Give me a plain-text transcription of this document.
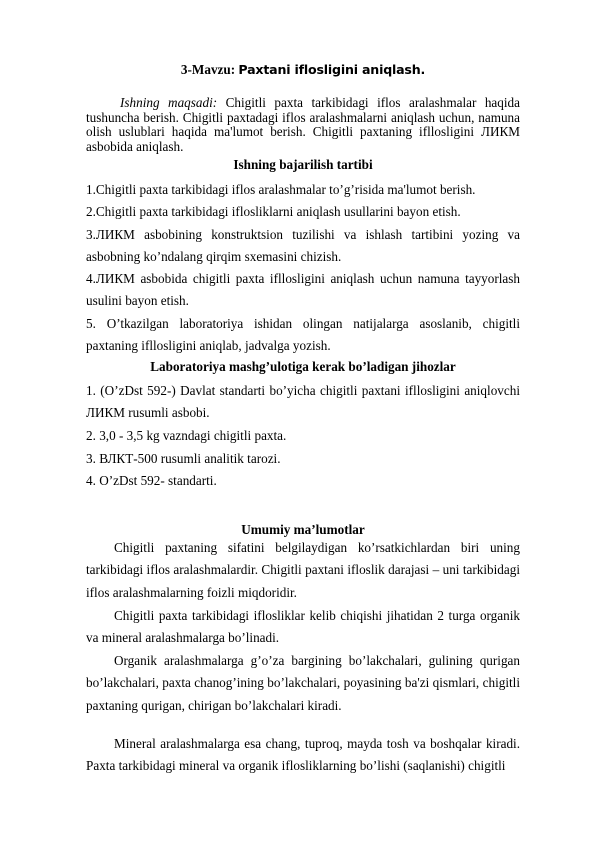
3-Mavzu: Paxtani iflosligіni aniqlash.
Ishning maqsadi: Chigitli paxta tarkibidagi iflos aralashmalar haqida tushuncha berish. Chigitli paxtadagi iflos aralashmalarni aniqlash uchun, namuna olish uslublari haqida ma'lumot berish. Chigitli paxtaning ifllosligini ЛИКМ asbobida aniqlash.
Ishning bajarilish tartibi
1.Chigitli paxta tarkibidagi iflos aralashmalar to’g’risida ma'lumot berish.
2.Chigitli paxta tarkibidagi iflosliklarni aniqlash usullarini bayon etish.
3.ЛИКМ asbobining konstruktsion tuzilishi va ishlash tartibini yozing va asbobning ko’ndalang qirqim sxemasini chizish.
4.ЛИКМ asbobida chigitli paxta ifllosligini aniqlash uchun namuna tayyorlash usulini bayon etish.
5. O’tkazilgan laboratoriya ishidan olingan natijalarga asoslanib, chigitli paxtaning ifllosligini aniqlab, jadvalga yozish.
Laboratoriya mashg’ulotiga kerak bo’ladigan jihozlar
1. (O’zDst 592-) Davlat standarti bo’yicha chigitli paxtani ifllosligini aniqlovchi ЛИКМ rusumli asbobi.
2. 3,0 - 3,5 kg vazndagi chigitli paxta.
3. ВЛКТ-500 rusumli analitik tarozi.
4. O’zDst 592- standarti.
Umumiy ma’lumotlar
Chigitli paxtaning sifatini belgilaydigan ko’rsatkichlardan biri uning tarkibidagi iflos aralashmalardir. Chigitli paxtani ifloslik darajasi – uni tarkibidagi iflos aralashmalarning foizli miqdoridir.
Chigitli paxta tarkibidagi iflosliklar kelib chiqishi jihatidan 2 turga organik va mineral aralashmalarga bo’linadi.
Organik aralashmalarga g’o’za bargining bo’lakchalari, gulining qurigan bo’lakchalari, paxta chanog’ining bo’lakchalari, poyasining ba'zi qismlari, chigitli paxtaning qurigan, chirigan bo’lakchalari kiradi.
Mineral aralashmalarga esa chang, tuproq, mayda tosh va boshqalar kiradi. Paxta tarkibidagi mineral va organik iflosliklarning bo’lishi (saqlanishi) chigitli
